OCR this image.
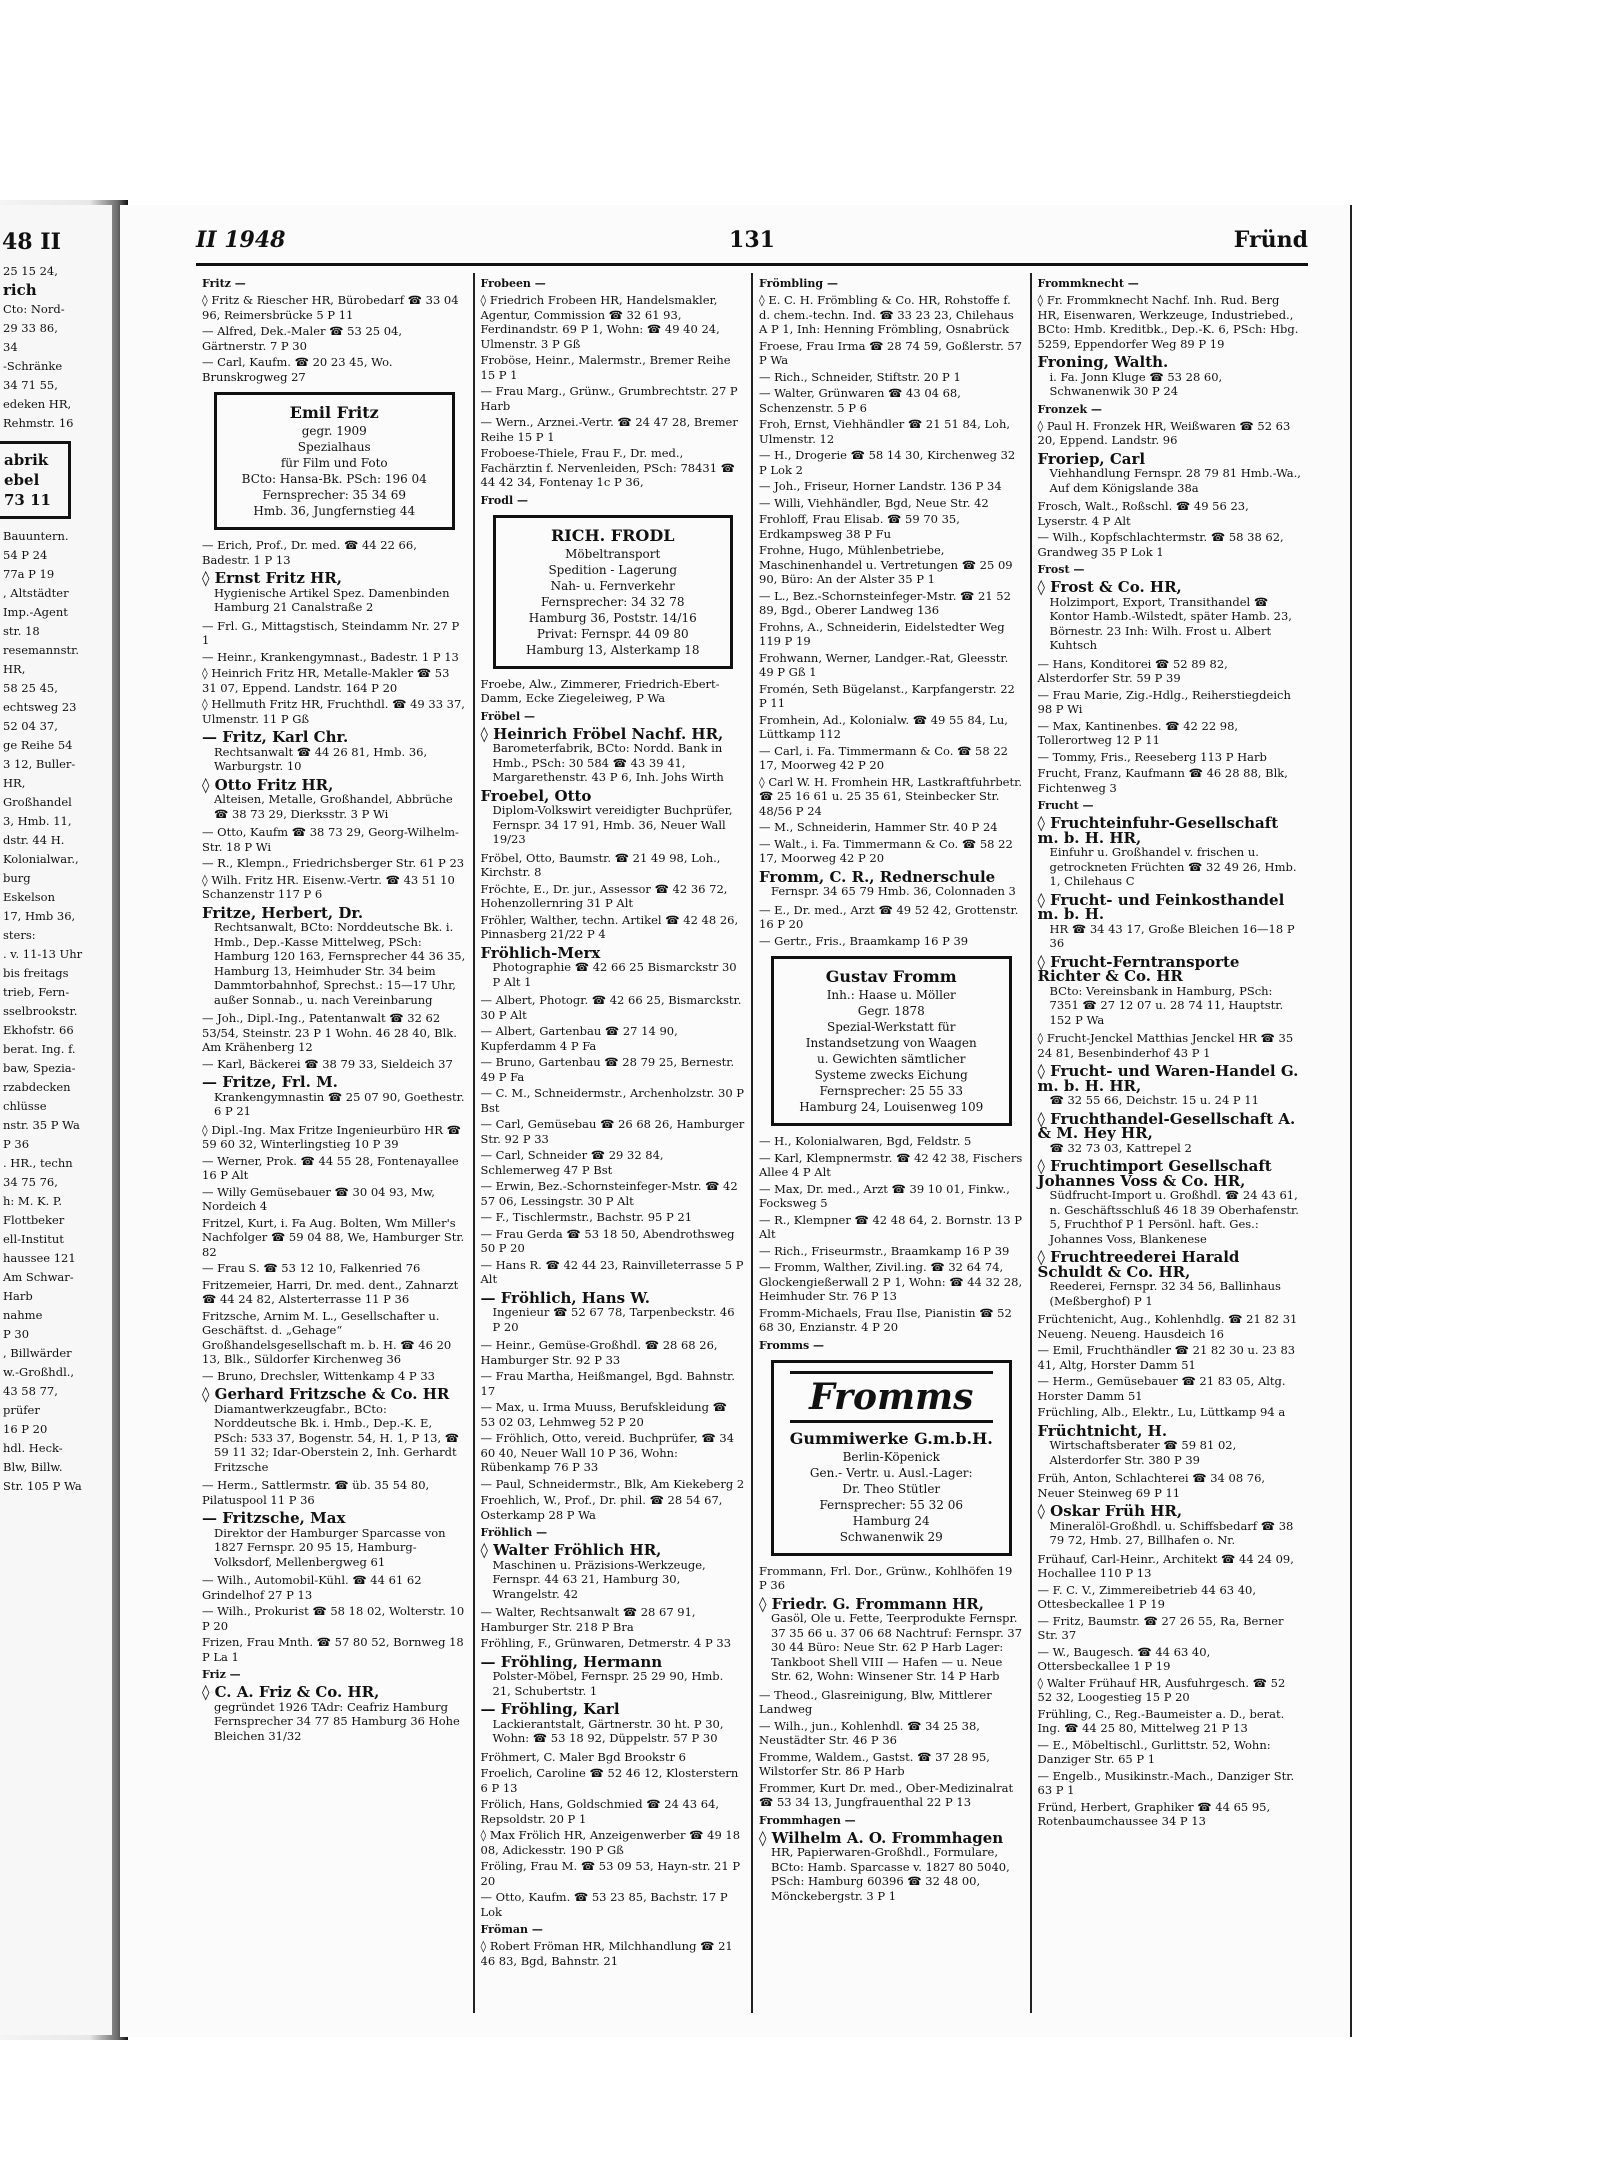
48 II
25 15 24,
rich
Cto: Nord-
29 33 86,
34
-Schränke
34 71 55,
edeken HR,
Rehmstr. 16
abrik
ebel
73 11
Bauuntern.
54 P 24
77a P 19
, Altstädter
Imp.-Agent
str. 18
resemannstr.
HR,
58 25 45,
echtsweg 23
52 04 37,
ge Reihe 54
3 12, Buller-
HR,
Großhandel
3, Hmb. 11,
dstr. 44 H.
Kolonialwar.,
burg
Eskelson
17, Hmb 36,
sters:
. v. 11-13 Uhr
bis freitags
trieb, Fern-
sselbrookstr.
Ekhofstr. 66
berat. Ing. f.
baw, Spezia-
rzabdecken
chlüsse
nstr. 35 P Wa
P 36
. HR., techn
34 75 76,
h: M. K. P.
Flottbeker
ell-Institut
haussee 121
Am Schwar-
Harb
nahme
P 30
, Billwärder
w.-Großhdl.,
43 58 77,
prüfer
16 P 20
hdl. Heck-
Blw, Billw.
Str. 105 P Wa
II 1948	131	Fründ
Fritz —
◊ Fritz & Riescher HR, Bürobedarf ☎ 33 04 96, Reimersbrücke 5 P 11
— Alfred, Dek.-Maler ☎ 53 25 04, Gärtnerstr. 7 P 30
— Carl, Kaufm. ☎ 20 23 45, Wo. Brunskrogweg 27
Emil Fritz
gegr. 1909
Spezialhaus
für Film und Foto
BCto: Hansa-Bk. PSch: 196 04
Fernsprecher: 35 34 69
Hmb. 36, Jungfernstieg 44
— Erich, Prof., Dr. med. ☎ 44 22 66, Badestr. 1 P 13
◊ Ernst Fritz HR,
Hygienische Artikel Spez. Damenbinden Hamburg 21 Canalstraße 2
— Frl. G., Mittagstisch, Steindamm Nr. 27 P 1
— Heinr., Krankengymnast., Badestr. 1 P 13
◊ Heinrich Fritz HR, Metalle-Makler ☎ 53 31 07, Eppend. Landstr. 164 P 20
◊ Hellmuth Fritz HR, Fruchthdl. ☎ 49 33 37, Ulmenstr. 11 P Gß
— Fritz, Karl Chr.
Rechtsanwalt ☎ 44 26 81, Hmb. 36, Warburgstr. 10
◊ Otto Fritz HR,
Alteisen, Metalle, Großhandel, Abbrüche ☎ 38 73 29, Dierksstr. 3 P Wi
— Otto, Kaufm ☎ 38 73 29, Georg-Wilhelm-Str. 18 P Wi
— R., Klempn., Friedrichsberger Str. 61 P 23
◊ Wilh. Fritz HR. Eisenw.-Vertr. ☎ 43 51 10 Schanzenstr 117 P 6
Fritze, Herbert, Dr.
Rechtsanwalt, BCto: Norddeutsche Bk. i. Hmb., Dep.-Kasse Mittelweg, PSch: Hamburg 120 163, Fernsprecher 44 36 35, Hamburg 13, Heimhuder Str. 34 beim Dammtorbahnhof, Sprechst.: 15—17 Uhr, außer Sonnab., u. nach Vereinbarung
— Joh., Dipl.-Ing., Patentanwalt ☎ 32 62 53/54, Steinstr. 23 P 1 Wohn. 46 28 40, Blk. Am Krähenberg 12
— Karl, Bäckerei ☎ 38 79 33, Sieldeich 37
— Fritze, Frl. M.
Krankengymnastin ☎ 25 07 90, Goethestr. 6 P 21
◊ Dipl.-Ing. Max Fritze Ingenieurbüro HR ☎ 59 60 32, Winterlingstieg 10 P 39
— Werner, Prok. ☎ 44 55 28, Fontenayallee 16 P Alt
— Willy Gemüsebauer ☎ 30 04 93, Mw, Nordeich 4
Fritzel, Kurt, i. Fa Aug. Bolten, Wm Miller's Nachfolger ☎ 59 04 88, We, Hamburger Str. 82
— Frau S. ☎ 53 12 10, Falkenried 76
Fritzemeier, Harri, Dr. med. dent., Zahnarzt ☎ 44 24 82, Alsterterrasse 11 P 36
Fritzsche, Arnim M. L., Gesellschafter u. Geschäftst. d. „Gehage“ Großhandelsgesellschaft m. b. H. ☎ 46 20 13, Blk., Süldorfer Kirchenweg 36
— Bruno, Drechsler, Wittenkamp 4 P 33
◊ Gerhard Fritzsche & Co. HR
Diamantwerkzeugfabr., BCto: Norddeutsche Bk. i. Hmb., Dep.-K. E, PSch: 533 37, Bogenstr. 54, H. 1, P 13, ☎ 59 11 32; Idar-Oberstein 2, Inh. Gerhardt Fritzsche
— Herm., Sattlermstr. ☎ üb. 35 54 80, Pilatuspool 11 P 36
— Fritzsche, Max
Direktor der Hamburger Sparcasse von 1827 Fernspr. 20 95 15, Hamburg-Volksdorf, Mellenbergweg 61
— Wilh., Automobil-Kühl. ☎ 44 61 62 Grindelhof 27 P 13
— Wilh., Prokurist ☎ 58 18 02, Wolterstr. 10 P 20
Frizen, Frau Mnth. ☎ 57 80 52, Bornweg 18 P La 1
Friz —
◊ C. A. Friz & Co. HR,
gegründet 1926 TAdr: Ceafriz Hamburg Fernsprecher 34 77 85 Hamburg 36 Hohe Bleichen 31/32
Frobeen —
◊ Friedrich Frobeen HR, Handelsmakler, Agentur, Commission ☎ 32 61 93, Ferdinandstr. 69 P 1, Wohn: ☎ 49 40 24, Ulmenstr. 3 P Gß
Froböse, Heinr., Malermstr., Bremer Reihe 15 P 1
— Frau Marg., Grünw., Grumbrechtstr. 27 P Harb
— Wern., Arznei.-Vertr. ☎ 24 47 28, Bremer Reihe 15 P 1
Froboese-Thiele, Frau F., Dr. med., Fachärztin f. Nervenleiden, PSch: 78431 ☎ 44 42 34, Fontenay 1c P 36,
Frodl —
RICH. FRODL
Möbeltransport
Spedition - Lagerung
Nah- u. Fernverkehr
Fernsprecher: 34 32 78
Hamburg 36, Poststr. 14/16
Privat: Fernspr. 44 09 80
Hamburg 13, Alsterkamp 18
Froebe, Alw., Zimmerer, Friedrich-Ebert-Damm, Ecke Ziegeleiweg, P Wa
Fröbel —
◊ Heinrich Fröbel Nachf. HR,
Barometerfabrik, BCto: Nordd. Bank in Hmb., PSch: 30 584 ☎ 43 39 41, Margarethenstr. 43 P 6, Inh. Johs Wirth
Froebel, Otto
Diplom-Volkswirt vereidigter Buchprüfer, Fernspr. 34 17 91, Hmb. 36, Neuer Wall 19/23
Fröbel, Otto, Baumstr. ☎ 21 49 98, Loh., Kirchstr. 8
Fröchte, E., Dr. jur., Assessor ☎ 42 36 72, Hohenzollernring 31 P Alt
Fröhler, Walther, techn. Artikel ☎ 42 48 26, Pinnasberg 21/22 P 4
Fröhlich-Merx
Photographie ☎ 42 66 25 Bismarckstr 30 P Alt 1
— Albert, Photogr. ☎ 42 66 25, Bismarckstr. 30 P Alt
— Albert, Gartenbau ☎ 27 14 90, Kupferdamm 4 P Fa
— Bruno, Gartenbau ☎ 28 79 25, Bernestr. 49 P Fa
— C. M., Schneidermstr., Archenholzstr. 30 P Bst
— Carl, Gemüsebau ☎ 26 68 26, Hamburger Str. 92 P 33
— Carl, Schneider ☎ 29 32 84, Schlemerweg 47 P Bst
— Erwin, Bez.-Schornsteinfeger-Mstr. ☎ 42 57 06, Lessingstr. 30 P Alt
— F., Tischlermstr., Bachstr. 95 P 21
— Frau Gerda ☎ 53 18 50, Abendrothsweg 50 P 20
— Hans R. ☎ 42 44 23, Rainvilleterrasse 5 P Alt
— Fröhlich, Hans W.
Ingenieur ☎ 52 67 78, Tarpenbeckstr. 46 P 20
— Heinr., Gemüse-Großhdl. ☎ 28 68 26, Hamburger Str. 92 P 33
— Frau Martha, Heißmangel, Bgd. Bahnstr. 17
— Max, u. Irma Muuss, Berufskleidung ☎ 53 02 03, Lehmweg 52 P 20
— Fröhlich, Otto, vereid. Buchprüfer, ☎ 34 60 40, Neuer Wall 10 P 36, Wohn: Rübenkamp 76 P 33
— Paul, Schneidermstr., Blk, Am Kiekeberg 2
Froehlich, W., Prof., Dr. phil. ☎ 28 54 67, Osterkamp 28 P Wa
Fröhlich —
◊ Walter Fröhlich HR,
Maschinen u. Präzisions-Werkzeuge, Fernspr. 44 63 21, Hamburg 30, Wrangelstr. 42
— Walter, Rechtsanwalt ☎ 28 67 91, Hamburger Str. 218 P Bra
Fröhling, F., Grünwaren, Detmerstr. 4 P 33
— Fröhling, Hermann
Polster-Möbel, Fernspr. 25 29 90, Hmb. 21, Schubertstr. 1
— Fröhling, Karl
Lackierantstalt, Gärtnerstr. 30 ht. P 30, Wohn: ☎ 53 18 92, Düppelstr. 57 P 30
Fröhmert, C. Maler Bgd Brookstr 6
Froelich, Caroline ☎ 52 46 12, Klosterstern 6 P 13
Frölich, Hans, Goldschmied ☎ 24 43 64, Repsoldstr. 20 P 1
◊ Max Frölich HR, Anzeigenwerber ☎ 49 18 08, Adickesstr. 190 P Gß
Fröling, Frau M. ☎ 53 09 53, Hayn-str. 21 P 20
— Otto, Kaufm. ☎ 53 23 85, Bachstr. 17 P Lok
Fröman —
◊ Robert Fröman HR, Milchhandlung ☎ 21 46 83, Bgd, Bahnstr. 21
Frömbling —
◊ E. C. H. Frömbling & Co. HR, Rohstoffe f. d. chem.-techn. Ind. ☎ 33 23 23, Chilehaus A P 1, Inh: Henning Frömbling, Osnabrück
Froese, Frau Irma ☎ 28 74 59, Goßlerstr. 57 P Wa
— Rich., Schneider, Stiftstr. 20 P 1
— Walter, Grünwaren ☎ 43 04 68, Schenzenstr. 5 P 6
Froh, Ernst, Viehhändler ☎ 21 51 84, Loh, Ulmenstr. 12
— H., Drogerie ☎ 58 14 30, Kirchenweg 32 P Lok 2
— Joh., Friseur, Horner Landstr. 136 P 34
— Willi, Viehhändler, Bgd, Neue Str. 42
Frohloff, Frau Elisab. ☎ 59 70 35, Erdkampsweg 38 P Fu
Frohne, Hugo, Mühlenbetriebe, Maschinenhandel u. Vertretungen ☎ 25 09 90, Büro: An der Alster 35 P 1
— L., Bez.-Schornsteinfeger-Mstr. ☎ 21 52 89, Bgd., Oberer Landweg 136
Frohns, A., Schneiderin, Eidelstedter Weg 119 P 19
Frohwann, Werner, Landger.-Rat, Gleesstr. 49 P Gß 1
Fromén, Seth Bügelanst., Karpfangerstr. 22 P 11
Fromhein, Ad., Kolonialw. ☎ 49 55 84, Lu, Lüttkamp 112
— Carl, i. Fa. Timmermann & Co. ☎ 58 22 17, Moorweg 42 P 20
◊ Carl W. H. Fromhein HR, Lastkraftfuhrbetr. ☎ 25 16 61 u. 25 35 61, Steinbecker Str. 48/56 P 24
— M., Schneiderin, Hammer Str. 40 P 24
— Walt., i. Fa. Timmermann & Co. ☎ 58 22 17, Moorweg 42 P 20
Fromm, C. R., Rednerschule
Fernspr. 34 65 79 Hmb. 36, Colonnaden 3
— E., Dr. med., Arzt ☎ 49 52 42, Grottenstr. 16 P 20
— Gertr., Fris., Braamkamp 16 P 39
Gustav Fromm
Inh.: Haase u. Möller
Gegr. 1878
Spezial-Werkstatt für Instandsetzung von Waagen
u. Gewichten sämtlicher
Systeme zwecks Eichung
Fernsprecher: 25 55 33
Hamburg 24, Louisenweg 109
— H., Kolonialwaren, Bgd, Feldstr. 5
— Karl, Klempnermstr. ☎ 42 42 38, Fischers Allee 4 P Alt
— Max, Dr. med., Arzt ☎ 39 10 01, Finkw., Focksweg 5
— R., Klempner ☎ 42 48 64, 2. Bornstr. 13 P Alt
— Rich., Friseurmstr., Braamkamp 16 P 39
— Fromm, Walther, Zivil.ing. ☎ 32 64 74, Glockengießerwall 2 P 1, Wohn: ☎ 44 32 28, Heimhuder Str. 76 P 13
Fromm-Michaels, Frau Ilse, Pianistin ☎ 52 68 30, Enzianstr. 4 P 20
Fromms —
Fromms
Gummiwerke G.m.b.H.
Berlin-Köpenick
Gen.- Vertr. u. Ausl.-Lager:
Dr. Theo Stütler
Fernsprecher: 55 32 06
Hamburg 24
Schwanenwik 29
Frommann, Frl. Dor., Grünw., Kohlhöfen 19 P 36
◊ Friedr. G. Frommann HR,
Gasöl, Ole u. Fette, Teerprodukte Fernspr. 37 35 66 u. 37 06 68 Nachtruf: Fernspr. 37 30 44 Büro: Neue Str. 62 P Harb Lager: Tankboot Shell VIII — Hafen — u. Neue Str. 62, Wohn: Winsener Str. 14 P Harb
— Theod., Glasreinigung, Blw, Mittlerer Landweg
— Wilh., jun., Kohlenhdl. ☎ 34 25 38, Neustädter Str. 46 P 36
Fromme, Waldem., Gastst. ☎ 37 28 95, Wilstorfer Str. 86 P Harb
Frommer, Kurt Dr. med., Ober-Medizinalrat ☎ 53 34 13, Jungfrauenthal 22 P 13
Frommhagen —
◊ Wilhelm A. O. Frommhagen
HR, Papierwaren-Großhdl., Formulare, BCto: Hamb. Sparcasse v. 1827 80 5040, PSch: Hamburg 60396 ☎ 32 48 00, Mönckebergstr. 3 P 1
Frommknecht —
◊ Fr. Frommknecht Nachf. Inh. Rud. Berg HR, Eisenwaren, Werkzeuge, Industriebed., BCto: Hmb. Kreditbk., Dep.-K. 6, PSch: Hbg. 5259, Eppendorfer Weg 89 P 19
Froning, Walth.
i. Fa. Jonn Kluge ☎ 53 28 60, Schwanenwik 30 P 24
Fronzek —
◊ Paul H. Fronzek HR, Weißwaren ☎ 52 63 20, Eppend. Landstr. 96
Froriep, Carl
Viehhandlung Fernspr. 28 79 81 Hmb.-Wa., Auf dem Königslande 38a
Frosch, Walt., Roßschl. ☎ 49 56 23, Lyserstr. 4 P Alt
— Wilh., Kopfschlachtermstr. ☎ 58 38 62, Grandweg 35 P Lok 1
Frost —
◊ Frost & Co. HR,
Holzimport, Export, Transithandel ☎ Kontor Hamb.-Wilstedt, später Hamb. 23, Börnestr. 23 Inh: Wilh. Frost u. Albert Kuhtsch
— Hans, Konditorei ☎ 52 89 82, Alsterdorfer Str. 59 P 39
— Frau Marie, Zig.-Hdlg., Reiherstiegdeich 98 P Wi
— Max, Kantinenbes. ☎ 42 22 98, Tollerortweg 12 P 11
— Tommy, Fris., Reeseberg 113 P Harb
Frucht, Franz, Kaufmann ☎ 46 28 88, Blk, Fichtenweg 3
Frucht —
◊ Fruchteinfuhr-Gesellschaft m. b. H. HR,
Einfuhr u. Großhandel v. frischen u. getrockneten Früchten ☎ 32 49 26, Hmb. 1, Chilehaus C
◊ Frucht- und Feinkosthandel m. b. H.
HR ☎ 34 43 17, Große Bleichen 16—18 P 36
◊ Frucht-Ferntransporte Richter & Co. HR
BCto: Vereinsbank in Hamburg, PSch: 7351 ☎ 27 12 07 u. 28 74 11, Hauptstr. 152 P Wa
◊ Frucht-Jenckel Matthias Jenckel HR ☎ 35 24 81, Besenbinderhof 43 P 1
◊ Frucht- und Waren-Handel G. m. b. H. HR,
☎ 32 55 66, Deichstr. 15 u. 24 P 11
◊ Fruchthandel-Gesellschaft A. & M. Hey HR,
☎ 32 73 03, Kattrepel 2
◊ Fruchtimport Gesellschaft Johannes Voss & Co. HR,
Südfrucht-Import u. Großhdl. ☎ 24 43 61, n. Geschäftsschluß 46 18 39 Oberhafenstr. 5, Fruchthof P 1 Persönl. haft. Ges.: Johannes Voss, Blankenese
◊ Fruchtreederei Harald Schuldt & Co. HR,
Reederei, Fernspr. 32 34 56, Ballinhaus (Meßberghof) P 1
Früchtenicht, Aug., Kohlenhdlg. ☎ 21 82 31 Neueng. Neueng. Hausdeich 16
— Emil, Fruchthändler ☎ 21 82 30 u. 23 83 41, Altg, Horster Damm 51
— Herm., Gemüsebauer ☎ 21 83 05, Altg. Horster Damm 51
Früchling, Alb., Elektr., Lu, Lüttkamp 94 a
Früchtnicht, H.
Wirtschaftsberater ☎ 59 81 02, Alsterdorfer Str. 380 P 39
Früh, Anton, Schlachterei ☎ 34 08 76, Neuer Steinweg 69 P 11
◊ Oskar Früh HR,
Mineralöl-Großhdl. u. Schiffsbedarf ☎ 38 79 72, Hmb. 27, Billhafen o. Nr.
Frühauf, Carl-Heinr., Architekt ☎ 44 24 09, Hochallee 110 P 13
— F. C. V., Zimmereibetrieb 44 63 40, Ottesbeckallee 1 P 19
— Fritz, Baumstr. ☎ 27 26 55, Ra, Berner Str. 37
— W., Baugesch. ☎ 44 63 40, Ottersbeckallee 1 P 19
◊ Walter Frühauf HR, Ausfuhrgesch. ☎ 52 52 32, Loogestieg 15 P 20
Frühling, C., Reg.-Baumeister a. D., berat. Ing. ☎ 44 25 80, Mittelweg 21 P 13
— E., Möbeltischl., Gurlittstr. 52, Wohn: Danziger Str. 65 P 1
— Engelb., Musikinstr.-Mach., Danziger Str. 63 P 1
Fründ, Herbert, Graphiker ☎ 44 65 95, Rotenbaumchaussee 34 P 13
